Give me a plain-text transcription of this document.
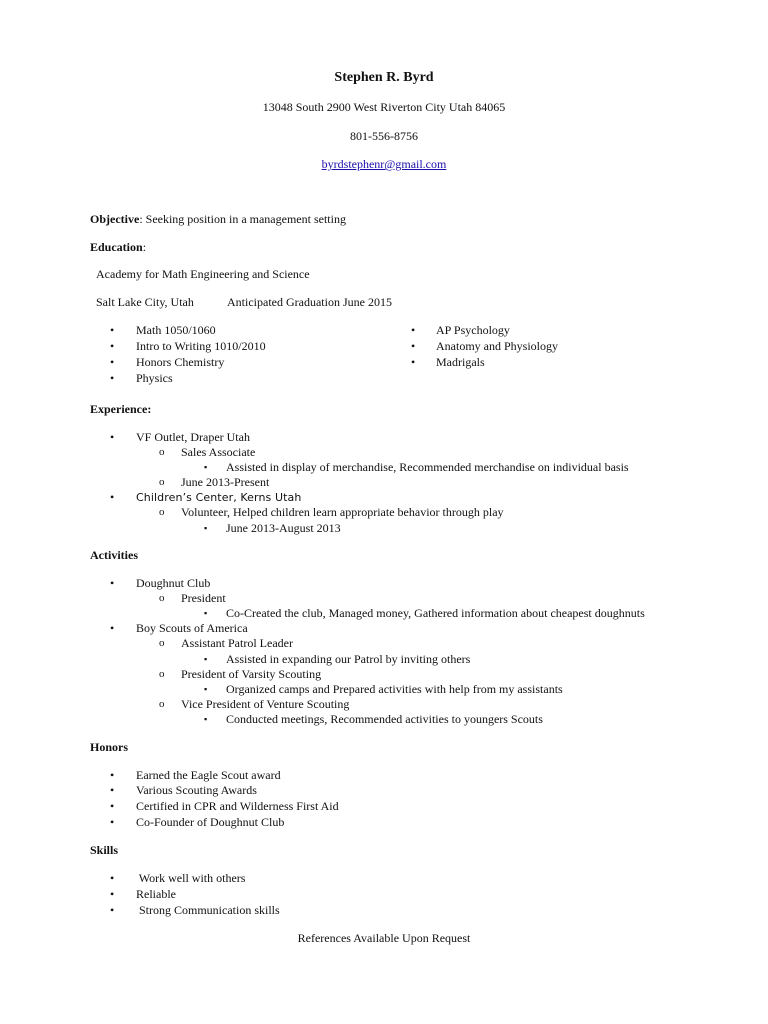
Stephen R. Byrd
13048 South 2900 West Riverton City Utah 84065
801-556-8756
byrdstephenr@gmail.com
Objective: Seeking position in a management setting
Education:
Academy for Math Engineering and Science
Salt Lake City, Utah	Anticipated Graduation June 2015
• Math 1050/1060
• Intro to Writing 1010/2010
• Honors Chemistry
• Physics
• AP Psychology
• Anatomy and Physiology
• Madrigals
Experience:
• VF Outlet, Draper Utah
o Sales Associate
▪ Assisted in display of merchandise, Recommended merchandise on individual basis
o June 2013-Present
• Children’s Center, Kerns Utah
o Volunteer, Helped children learn appropriate behavior through play
▪ June 2013-August 2013
Activities
• Doughnut Club
o President
▪ Co-Created the club, Managed money, Gathered information about cheapest doughnuts
• Boy Scouts of America
o Assistant Patrol Leader
▪ Assisted in expanding our Patrol by inviting others
o President of Varsity Scouting
▪ Organized camps and Prepared activities with help from my assistants
o Vice President of Venture Scouting
▪ Conducted meetings, Recommended activities to youngers Scouts
Honors
• Earned the Eagle Scout award
• Various Scouting Awards
• Certified in CPR and Wilderness First Aid
• Co-Founder of Doughnut Club
Skills
• Work well with others
• Reliable
• Strong Communication skills
References Available Upon Request
